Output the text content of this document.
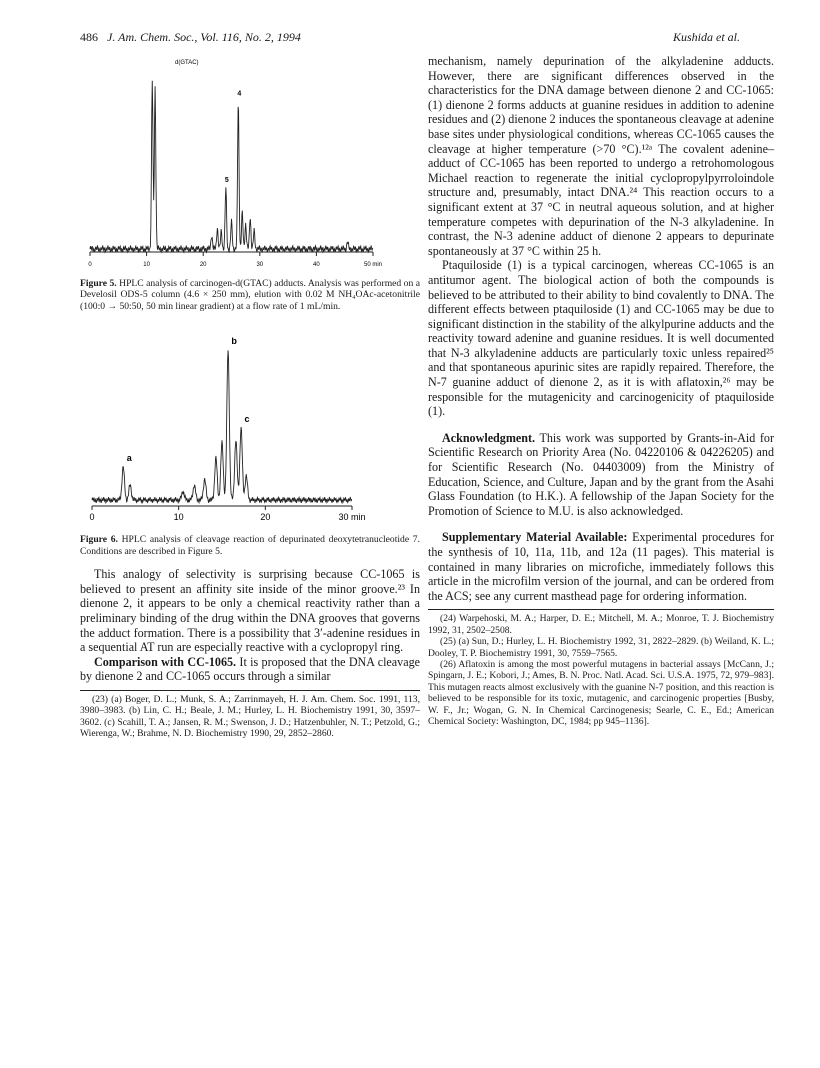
486 J. Am. Chem. Soc., Vol. 116, No. 2, 1994	Kushida et al.
d(GTAC)
0	10	20	30	40	50 min
5
4

Figure 5. HPLC analysis of carcinogen-d(GTAC) adducts. Analysis was performed on a Develosil ODS-5 column (4.6 × 250 mm), elution with 0.02 M NH₄OAc-acetonitrile (100:0 → 50:50, 50 min linear gradient) at a flow rate of 1 mL/min.

0	10	20	30 min
a
b
c

Figure 6. HPLC analysis of cleavage reaction of depurinated deoxytetranucleotide 7. Conditions are described in Figure 5.

This analogy of selectivity is surprising because CC-1065 is believed to present an affinity site inside of the minor groove.²³ In dienone 2, it appears to be only a chemical reactivity rather than a preliminary binding of the drug within the DNA grooves that governs the adduct formation. There is a possibility that 3′-adenine residues in a sequential AT run are especially reactive with a cyclopropyl ring.

Comparison with CC-1065. It is proposed that the DNA cleavage by dienone 2 and CC-1065 occurs through a similar

(23) (a) Boger, D. L.; Munk, S. A.; Zarrinmayeh, H. J. Am. Chem. Soc. 1991, 113, 3980–3983. (b) Lin, C. H.; Beale, J. M.; Hurley, L. H. Biochemistry 1991, 30, 3597–3602. (c) Scahill, T. A.; Jansen, R. M.; Swenson, J. D.; Hatzenbuhler, N. T.; Petzold, G.; Wierenga, W.; Brahme, N. D. Biochemistry 1990, 29, 2852–2860.

mechanism, namely depurination of the alkyladenine adducts. However, there are significant differences observed in the characteristics for the DNA damage between dienone 2 and CC-1065: (1) dienone 2 forms adducts at guanine residues in addition to adenine residues and (2) dienone 2 induces the spontaneous cleavage at adenine base sites under physiological conditions, whereas CC-1065 causes the cleavage at higher temperature (>70 °C).¹²ᵃ The covalent adenine–adduct of CC-1065 has been reported to undergo a retrohomologous Michael reaction to regenerate the initial cyclopropylpyrroloindole structure and, presumably, intact DNA.²⁴ This reaction occurs to a significant extent at 37 °C in neutral aqueous solution, and at higher temperature competes with depurination of the N-3 alkyladenine. In contrast, the N-3 adenine adduct of dienone 2 appears to depurinate spontaneously at 37 °C within 25 h.

Ptaquiloside (1) is a typical carcinogen, whereas CC-1065 is an antitumor agent. The biological action of both the compounds is believed to be attributed to their ability to bind covalently to DNA. The different effects between ptaquiloside (1) and CC-1065 may be due to significant distinction in the stability of the alkylpurine adducts and the reactivity toward adenine and guanine residues. It is well documented that N-3 alkyladenine adducts are particularly toxic unless repaired²⁵ and that spontaneous apurinic sites are rapidly repaired. Therefore, the N-7 guanine adduct of dienone 2, as it is with aflatoxin,²⁶ may be responsible for the mutagenicity and carcinogenicity of ptaquiloside (1).

Acknowledgment. This work was supported by Grants-in-Aid for Scientific Research on Priority Area (No. 04220106 & 04226205) and for Scientific Research (No. 04403009) from the Ministry of Education, Science, and Culture, Japan and by the grant from the Asahi Glass Foundation (to H.K.). A fellowship of the Japan Society for the Promotion of Science to M.U. is also acknowledged.

Supplementary Material Available: Experimental procedures for the synthesis of 10, 11a, 11b, and 12a (11 pages). This material is contained in many libraries on microfiche, immediately follows this article in the microfilm version of the journal, and can be ordered from the ACS; see any current masthead page for ordering information.

(24) Warpehoski, M. A.; Harper, D. E.; Mitchell, M. A.; Monroe, T. J. Biochemistry 1992, 31, 2502–2508.
(25) (a) Sun, D.; Hurley, L. H. Biochemistry 1992, 31, 2822–2829. (b) Weiland, K. L.; Dooley, T. P. Biochemistry 1991, 30, 7559–7565.
(26) Aflatoxin is among the most powerful mutagens in bacterial assays [McCann, J.; Spingarn, J. E.; Kobori, J.; Ames, B. N. Proc. Natl. Acad. Sci. U.S.A. 1975, 72, 979–983]. This mutagen reacts almost exclusively with the guanine N-7 position, and this reaction is believed to be responsible for its toxic, mutagenic, and carcinogenic properties [Busby, W. F., Jr.; Wogan, G. N. In Chemical Carcinogenesis; Searle, C. E., Ed.; American Chemical Society: Washington, DC, 1984; pp 945–1136].
